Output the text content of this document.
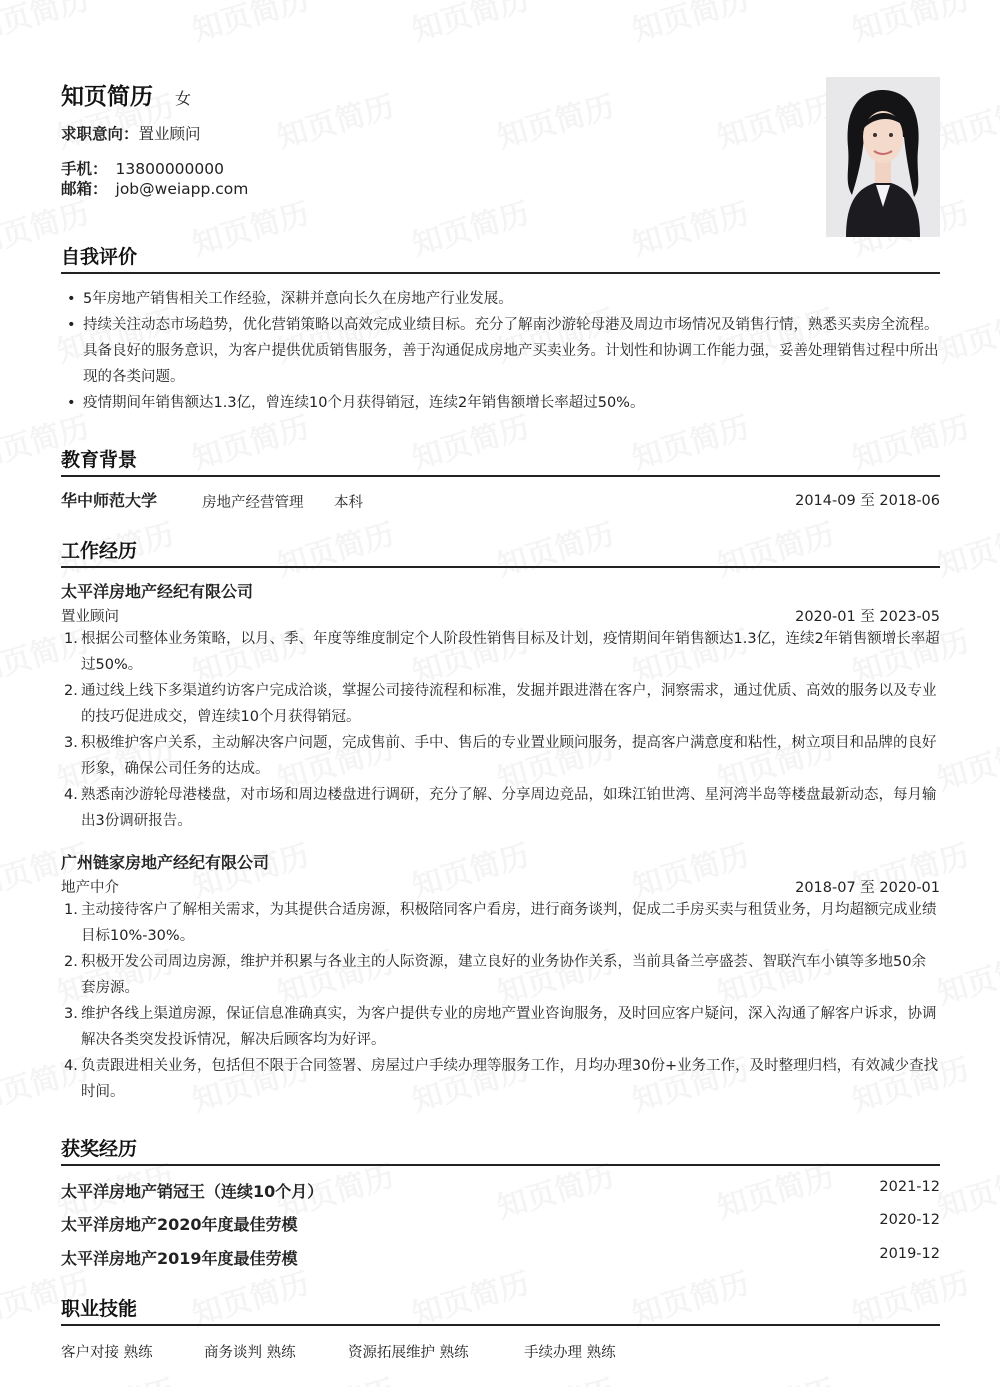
知页简历 女
求职意向：置业顾问
手机： 13800000000
邮箱： job@weiapp.com
自我评价
• 5年房地产销售相关工作经验，深耕并意向长久在房地产行业发展。
• 持续关注动态市场趋势，优化营销策略以高效完成业绩目标。充分了解南沙游轮母港及周边市场情况及销售行情，熟悉买卖房全流程。具备良好的服务意识，为客户提供优质销售服务，善于沟通促成房地产买卖业务。计划性和协调工作能力强，妥善处理销售过程中所出现的各类问题。
• 疫情期间年销售额达1.3亿，曾连续10个月获得销冠，连续2年销售额增长率超过50%。
教育背景
华中师范大学	房地产经营管理 本科	2014-09 至 2018-06
工作经历
太平洋房地产经纪有限公司
置业顾问	2020-01 至 2023-05
1. 根据公司整体业务策略，以月、季、年度等维度制定个人阶段性销售目标及计划，疫情期间年销售额达1.3亿，连续2年销售额增长率超过50%。
2. 通过线上线下多渠道约访客户完成洽谈，掌握公司接待流程和标准，发掘并跟进潜在客户，洞察需求，通过优质、高效的服务以及专业的技巧促进成交，曾连续10个月获得销冠。
3. 积极维护客户关系，主动解决客户问题，完成售前、手中、售后的专业置业顾问服务，提高客户满意度和粘性，树立项目和品牌的良好形象，确保公司任务的达成。
4. 熟悉南沙游轮母港楼盘，对市场和周边楼盘进行调研，充分了解、分享周边竞品，如珠江铂世湾、星河湾半岛等楼盘最新动态，每月输出3份调研报告。
广州链家房地产经纪有限公司
地产中介	2018-07 至 2020-01
1. 主动接待客户了解相关需求，为其提供合适房源，积极陪同客户看房，进行商务谈判，促成二手房买卖与租赁业务，月均超额完成业绩目标10%-30%。
2. 积极开发公司周边房源，维护并积累与各业主的人际资源，建立良好的业务协作关系，当前具备兰亭盛荟、智联汽车小镇等多地50余套房源。
3. 维护各线上渠道房源，保证信息准确真实，为客户提供专业的房地产置业咨询服务，及时回应客户疑问，深入沟通了解客户诉求，协调解决各类突发投诉情况，解决后顾客均为好评。
4. 负责跟进相关业务，包括但不限于合同签署、房屋过户手续办理等服务工作，月均办理30份+业务工作，及时整理归档，有效减少查找时间。
获奖经历
太平洋房地产销冠王（连续10个月）	2021-12
太平洋房地产2020年度最佳劳模	2020-12
太平洋房地产2019年度最佳劳模	2019-12
职业技能
客户对接 熟练	商务谈判 熟练	资源拓展维护 熟练	手续办理 熟练
